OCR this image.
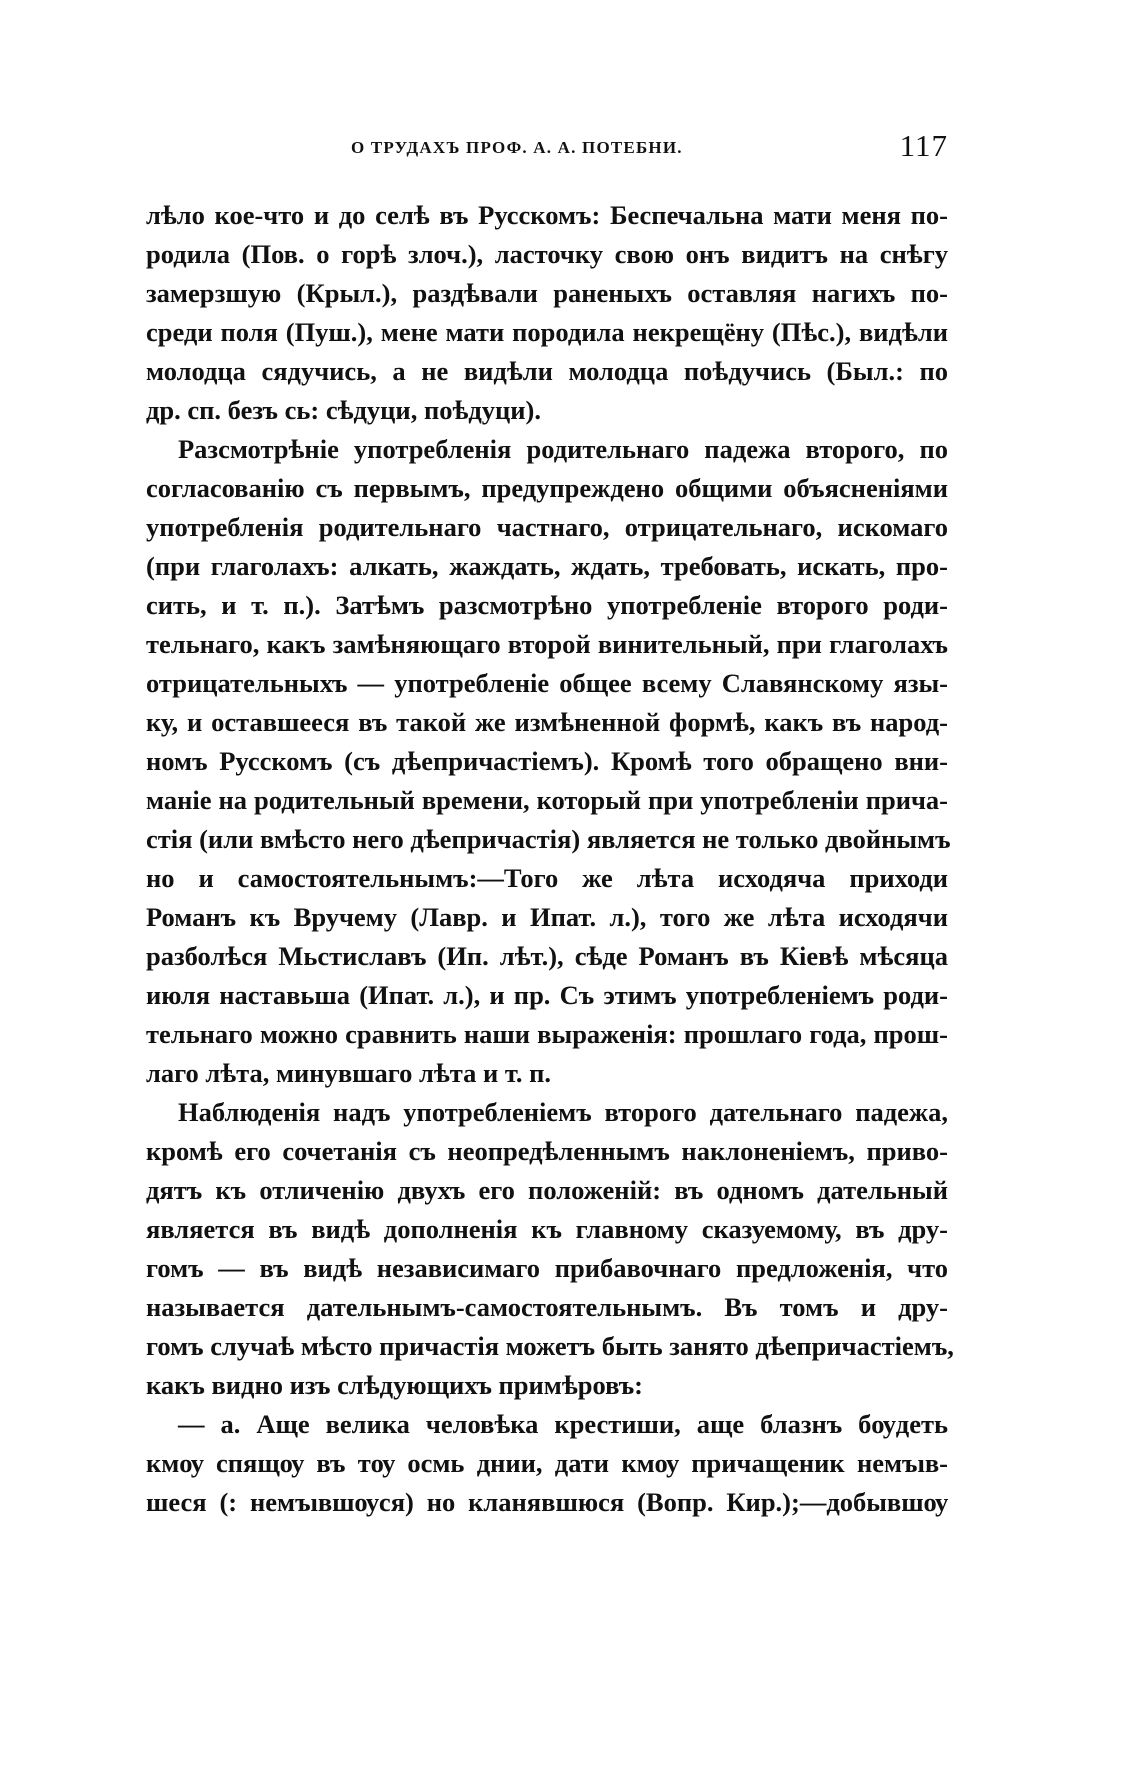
О ТРУДАХЪ ПРОФ. А. А. ПОТЕБНИ.	117
лѣло кое-что и до селѣ въ Русскомъ: Беспечальна мати меня по-
родила (Пов. о горѣ злоч.), ласточку свою онъ видитъ на снѣгу
замерзшую (Крыл.), раздѣвали раненыхъ оставляя нагихъ по-
среди поля (Пуш.), мене мати породила некрещёну (Пѣс.), видѣли
молодца сядучись, а не видѣли молодца поѣдучись (Был.: по
др. сп. безъ сь: сѣдуци, поѣдуци).
Разсмотрѣніе употребленія родительнаго падежа второго, по
согласованію съ первымъ, предупреждено общими объясненіями
употребленія родительнаго частнаго, отрицательнаго, искомаго
(при глаголахъ: алкать, жаждать, ждать, требовать, искать, про-
сить, и т. п.). Затѣмъ разсмотрѣно употребленіе второго роди-
тельнаго, какъ замѣняющаго второй винительный, при глаголахъ
отрицательныхъ — употребленіе общее всему Славянскому язы-
ку, и оставшееся въ такой же измѣненной формѣ, какъ въ народ-
номъ Русскомъ (съ дѣепричастіемъ). Кромѣ того обращено вни-
маніе на родительный времени, который при употребленіи прича-
стія (или вмѣсто него дѣепричастія) является не только двойнымъ
но и самостоятельнымъ:—Того же лѣта исходяча приходи
Романъ къ Вручему (Лавр. и Ипат. л.), того же лѣта исходячи
разболѣся Мьстиславъ (Ип. лѣт.), сѣде Романъ въ Кіевѣ мѣсяца
июля наставьша (Ипат. л.), и пр. Съ этимъ употребленіемъ роди-
тельнаго можно сравнить наши выраженія: прошлаго года, прош-
лаго лѣта, минувшаго лѣта и т. п.
Наблюденія надъ употребленіемъ второго дательнаго падежа,
кромѣ его сочетанія съ неопредѣленнымъ наклоненіемъ, приво-
дятъ къ отличенію двухъ его положеній: въ одномъ дательный
является въ видѣ дополненія къ главному сказуемому, въ дру-
гомъ — въ видѣ независимаго прибавочнаго предложенія, что
называется дательнымъ-самостоятельнымъ. Въ томъ и дру-
гомъ случаѣ мѣсто причастія можетъ быть занято дѣепричастіемъ,
какъ видно изъ слѣдующихъ примѣровъ:
— а. Аще велика человѣка крестиши, аще блазнъ бѹдеть
кмѹ спящѹ въ тѹ осмь днии, дати кмѹ причащеник немъıв-
шеся (: немъıвшѹся) но кланявшюся (Вопр. Кир.);—добывшѹ
